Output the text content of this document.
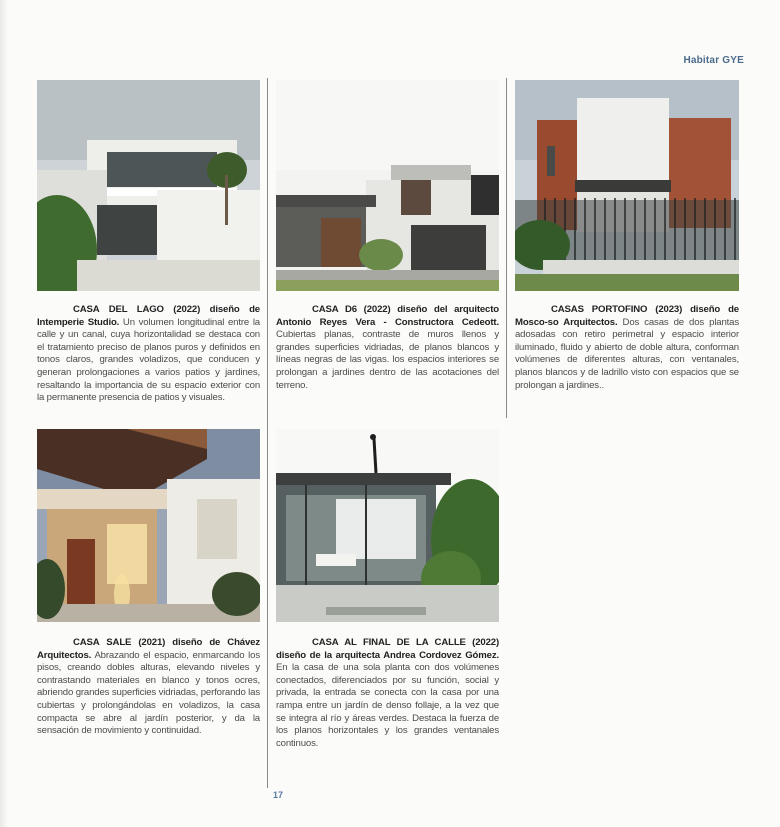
Habitar GYE
CASA DEL LAGO (2022) diseño de Intemperie Studio. Un volumen longitudinal entre la calle y un canal, cuya horizontalidad se destaca con el tratamiento preciso de planos puros y definidos en tonos claros, grandes voladizos, que conducen y generan prolongaciones a varios patios y jardines, resaltando la importancia de su espacio exterior con la permanente presencia de patios y visuales.
CASA D6 (2022) diseño del arquitecto Antonio Reyes Vera - Constructora Cedeott. Cubiertas planas, contraste de muros llenos y grandes superficies vidriadas, de planos blancos y líneas negras de las vigas. los espacios interiores se prolongan a jardines dentro de las acotaciones del terreno.
CASAS PORTOFINO (2023) diseño de Mosco-so Arquitectos. Dos casas de dos plantas adosadas con retiro perimetral y espacio interior iluminado, fluido y abierto de doble altura, conforman volúmenes de diferentes alturas, con ventanales, planos blancos y de ladrillo visto con espacios que se prolongan a jardines..
CASA SALE (2021) diseño de Chávez Arquitectos. Abrazando el espacio, enmarcando los pisos, creando dobles alturas, elevando niveles y contrastando materiales en blanco y tonos ocres, abriendo grandes superficies vidriadas, perforando las cubiertas y prolongándolas en voladizos, la casa compacta se abre al jardín posterior, y da la sensación de movimiento y continuidad.
CASA AL FINAL DE LA CALLE (2022) diseño de la arquitecta Andrea Cordovez Gómez. En la casa de una sola planta con dos volúmenes conectados, diferenciados por su función, social y privada, la entrada se conecta con la casa por una rampa entre un jardín de denso follaje, a la vez que se integra al río y áreas verdes. Destaca la fuerza de los planos horizontales y los grandes ventanales continuos.
17
